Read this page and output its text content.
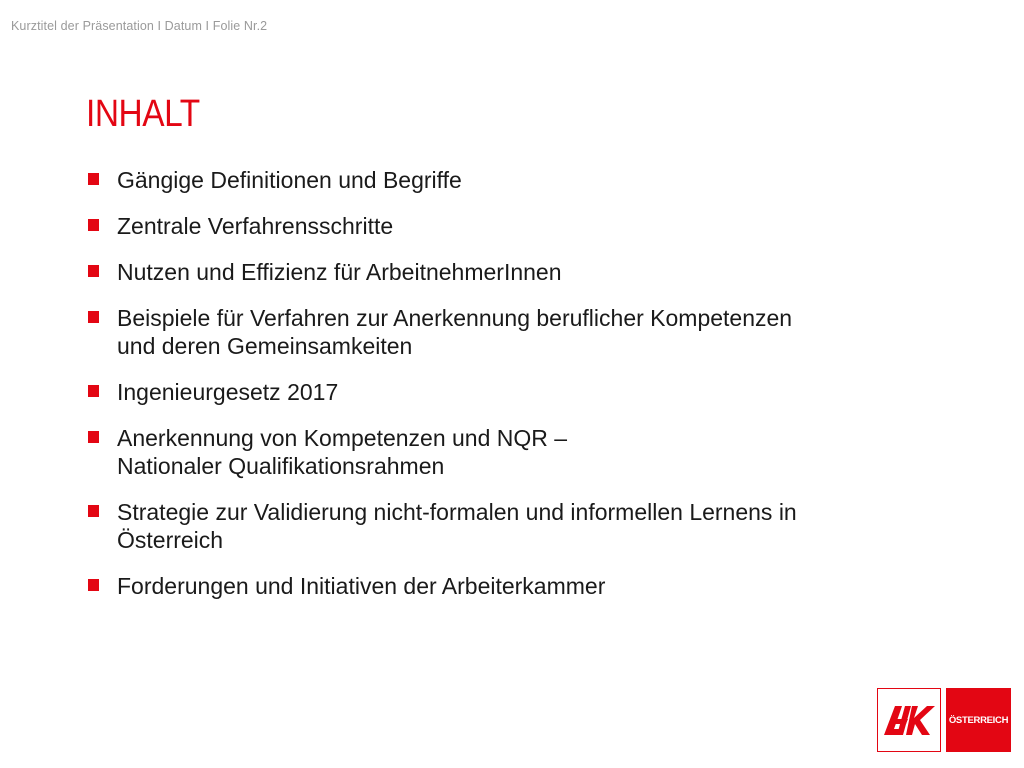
Kurztitel der Präsentation I Datum I Folie Nr.2
INHALT
Gängige Definitionen und Begriffe
Zentrale Verfahrensschritte
Nutzen und Effizienz für ArbeitnehmerInnen
Beispiele für Verfahren zur Anerkennung beruflicher Kompetenzen
und deren Gemeinsamkeiten
Ingenieurgesetz 2017
Anerkennung von Kompetenzen und NQR –
Nationaler Qualifikationsrahmen
Strategie zur Validierung nicht-formalen und informellen Lernens in
Österreich
Forderungen und Initiativen der Arbeiterkammer
ÖSTERREICH
